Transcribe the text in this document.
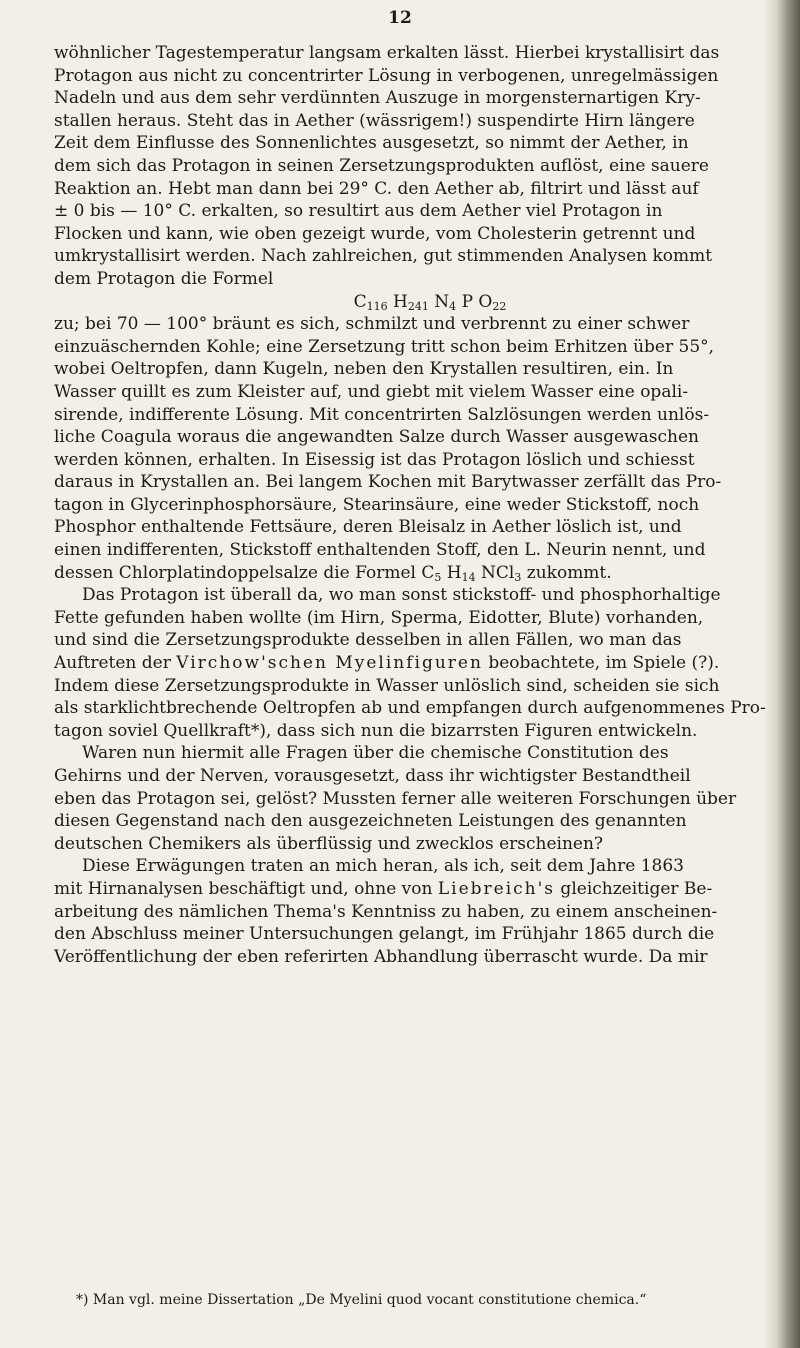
12
wöhnlicher Tagestemperatur langsam erkalten lässt. Hierbei krystallisirt das
Protagon aus nicht zu concentrirter Lösung in verbogenen, unregelmässigen
Nadeln und aus dem sehr verdünnten Auszuge in morgensternartigen Kry-
stallen heraus. Steht das in Aether (wässrigem!) suspendirte Hirn längere
Zeit dem Einflusse des Sonnenlichtes ausgesetzt, so nimmt der Aether, in
dem sich das Protagon in seinen Zersetzungsprodukten auflöst, eine sauere
Reaktion an. Hebt man dann bei 29° C. den Aether ab, filtrirt und lässt auf
± 0 bis — 10° C. erkalten, so resultirt aus dem Aether viel Protagon in
Flocken und kann, wie oben gezeigt wurde, vom Cholesterin getrennt und
umkrystallisirt werden. Nach zahlreichen, gut stimmenden Analysen kommt
dem Protagon die Formel
$C_{116}$ $H_{241}$ $N_4$ P $O_{22}$
zu; bei 70 — 100° bräunt es sich, schmilzt und verbrennt zu einer schwer
einzuäschernden Kohle; eine Zersetzung tritt schon beim Erhitzen über 55°,
wobei Oeltropfen, dann Kugeln, neben den Krystallen resultiren, ein. In
Wasser quillt es zum Kleister auf, und giebt mit vielem Wasser eine opali-
sirende, indifferente Lösung. Mit concentrirten Salzlösungen werden unlös-
liche Coagula woraus die angewandten Salze durch Wasser ausgewaschen
werden können, erhalten. In Eisessig ist das Protagon löslich und schiesst
daraus in Krystallen an. Bei langem Kochen mit Barytwasser zerfällt das Pro-
tagon in Glycerinphosphorsäure, Stearinsäure, eine weder Stickstoff, noch
Phosphor enthaltende Fettsäure, deren Bleisalz in Aether löslich ist, und
einen indifferenten, Stickstoff enthaltenden Stoff, den L. Neurin nennt, und
dessen Chlorplatindoppelsalze die Formel $C_5$ $H_{14}$ NCl$_3$ zukommt.
Das Protagon ist überall da, wo man sonst stickstoff- und phosphorhaltige
Fette gefunden haben wollte (im Hirn, Sperma, Eidotter, Blute) vorhanden,
und sind die Zersetzungsprodukte desselben in allen Fällen, wo man das
Auftreten der Virchow'schen Myelinfiguren beobachtete, im Spiele (?).
Indem diese Zersetzungsprodukte in Wasser unlöslich sind, scheiden sie sich
als starklichtbrechende Oeltropfen ab und empfangen durch aufgenommenes Pro-
tagon soviel Quellkraft*), dass sich nun die bizarrsten Figuren entwickeln.
Waren nun hiermit alle Fragen über die chemische Constitution des
Gehirns und der Nerven, vorausgesetzt, dass ihr wichtigster Bestandtheil
eben das Protagon sei, gelöst? Mussten ferner alle weiteren Forschungen über
diesen Gegenstand nach den ausgezeichneten Leistungen des genannten
deutschen Chemikers als überflüssig und zwecklos erscheinen?
Diese Erwägungen traten an mich heran, als ich, seit dem Jahre 1863
mit Hirnanalysen beschäftigt und, ohne von Liebreich's gleichzeitiger Be-
arbeitung des nämlichen Thema's Kenntniss zu haben, zu einem anscheinen-
den Abschluss meiner Untersuchungen gelangt, im Frühjahr 1865 durch die
Veröffentlichung der eben referirten Abhandlung überrascht wurde. Da mir
*) Man vgl. meine Dissertation „De Myelini quod vocant constitutione chemica.“
